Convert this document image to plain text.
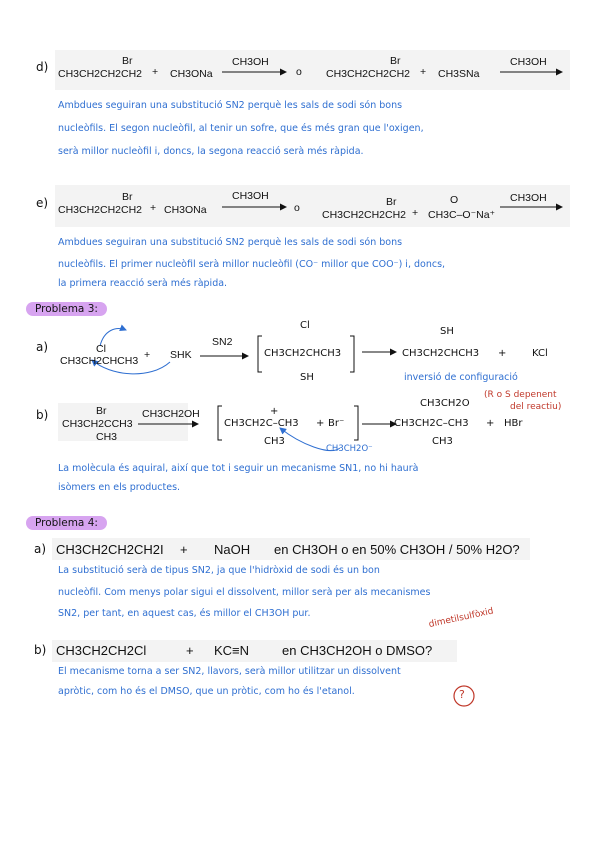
d)	Br
CH3CH2CH2CH2 + CH3ONa
CH3OH
o
Br
CH3CH2CH2CH2 + CH3SNa
CH3OH
Ambdues seguiran una substitució SN2 perquè les sals de sodi són bons
nucleòfils. El segon nucleòfil, al tenir un sofre, que és més gran que l'oxigen,
serà millor nucleòfil i, doncs, la segona reacció serà més ràpida.
e)	Br
CH3CH2CH2CH2 + CH3ONa
CH3OH
o	Br
CH3CH2CH2CH2 +
O
CH3C–O⁻Na⁺
CH3OH
Ambdues seguiran una substitució SN2 perquè les sals de sodi són bons
nucleòfils. El primer nucleòfil serà millor nucleòfil (CO⁻ millor que COO⁻) i, doncs,
la primera reacció serà més ràpida.
Problema 3:
a)	Cl
CH3CH2CHCH3 + SHK
SN2
Cl
CH3CH2CHCH3
SH
SH
CH3CH2CHCH3 +	KCl
inversió de configuració
b)	Br
CH3CH2CCH3
CH3
CH3CH2OH
CH3CH2C–CH3
+
CH3
+ Br⁻
CH3CH2O⁻
CH3CH2O
CH3CH2C–CH3
CH3
+ HBr
(R o S depenent
del reactiu)
La molècula és aquiral, així que tot i seguir un mecanisme SN1, no hi haurà
isòmers en els productes.
Problema 4:
a) CH3CH2CH2CH2I + NaOH en CH3OH o en 50% CH3OH / 50% H2O?
La substitució serà de tipus SN2, ja que l'hidròxid de sodi és un bon
nucleòfil. Com menys polar sigui el dissolvent, millor serà per als mecanismes
SN2, per tant, en aquest cas, és millor el CH3OH pur.
b) CH3CH2CH2Cl	+ KC≡N	en CH3CH2OH o DMSO?
dimetilsulfòxid
El mecanisme torna a ser SN2, llavors, serà millor utilitzar un dissolvent
apròtic, com ho és el DMSO, que un pròtic, com ho és l'etanol.	?
